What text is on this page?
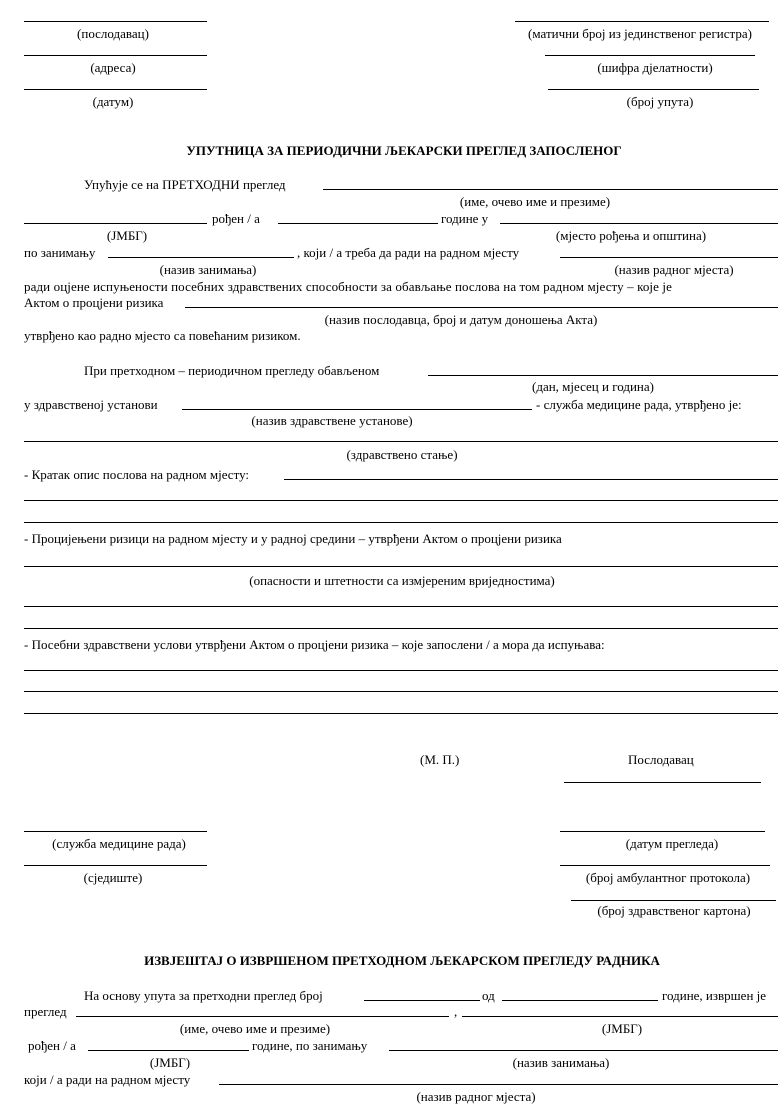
(послодавац)
(адреса)
(датум)
(матични број из јединственог регистра)
(шифра дјелатности)
(број упута)
УПУТНИЦА ЗА ПЕРИОДИЧНИ ЉЕКАРСКИ ПРЕГЛЕД ЗАПОСЛЕНОГ
Упућује се на ПРЕТХОДНИ преглед
(име, очево име и презиме)
рођен / а	године у
(ЈМБГ)	(мјесто рођења и општина)
по занимању	, који / а треба да ради на радном мјесту
(назив занимања)	(назив радног мјеста)
ради оцјене испуњености посебних здравствених способности за обављање послова на том радном мјесту – које је
Актом о процјени ризика
(назив послодавца, број и датум доношења Акта)
утврђено као радно мјесто са повећаним ризиком.
При претходном – периодичном прегледу обављеном
(дан, мјесец и година)
у здравственој установи	- служба медицине рада, утврђено је:
(назив здравствене установе)
(здравствено стање)
- Кратак опис послова на радном мјесту:
- Процијењени ризици на радном мјесту и у радној средини – утврђени Актом о процјени ризика
(опасности и штетности са измјереним вриједностима)
- Посебни здравствени услови утврђени Актом о процјени ризика – које запослени / а мора да испуњава:
(М. П.)	Послодавац
(служба медицине рада)
(сједиште)
(датум прегледа)
(број амбулантног протокола)
(број здравственог картона)
ИЗВЈЕШТАЈ О ИЗВРШЕНОМ ПРЕТХОДНОМ ЉЕКАРСКОМ ПРЕГЛЕДУ РАДНИКА
На основу упута за претходни преглед број	од	године, извршен је
преглед	,
(име, очево име и презиме)	(ЈМБГ)
рођен / а	године, по занимању
(ЈМБГ)	(назив занимања)
који / а ради на радном мјесту
(назив радног мјеста)
